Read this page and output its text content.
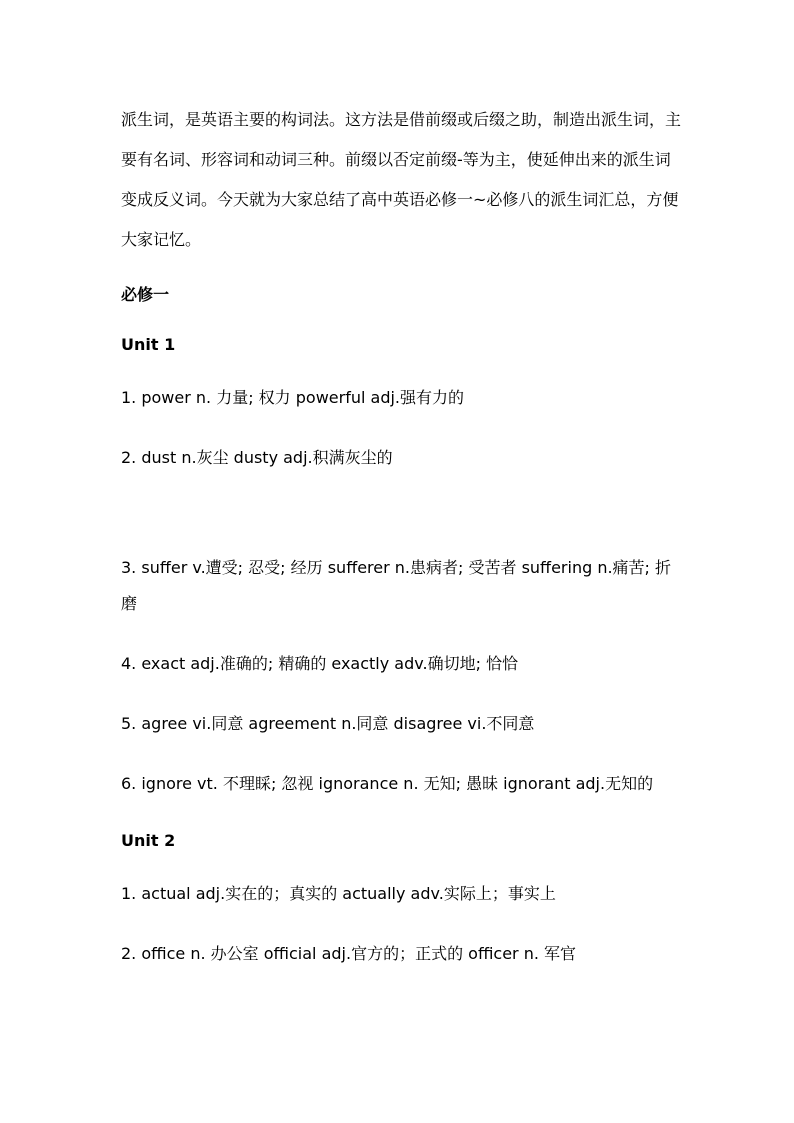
派生词，是英语主要的构词法。这方法是借前缀或后缀之助，制造出派生词，主要有名词、形容词和动词三种。前缀以否定前缀-等为主，使延伸出来的派生词变成反义词。今天就为大家总结了高中英语必修一~必修八的派生词汇总，方便大家记忆。

必修一

Unit 1

1. power n. 力量; 权力 powerful adj.强有力的

2. dust n.灰尘 dusty adj.积满灰尘的

3. suffer v.遭受; 忍受; 经历 sufferer n.患病者; 受苦者 suffering n.痛苦; 折磨

4. exact adj.准确的; 精确的 exactly adv.确切地; 恰恰

5. agree vi.同意 agreement n.同意 disagree vi.不同意

6. ignore vt. 不理睬; 忽视 ignorance n. 无知; 愚昧 ignorant adj.无知的

Unit 2

1. actual adj.实在的；真实的 actually adv.实际上；事实上

2. office n. 办公室 official adj.官方的；正式的 officer n. 军官
